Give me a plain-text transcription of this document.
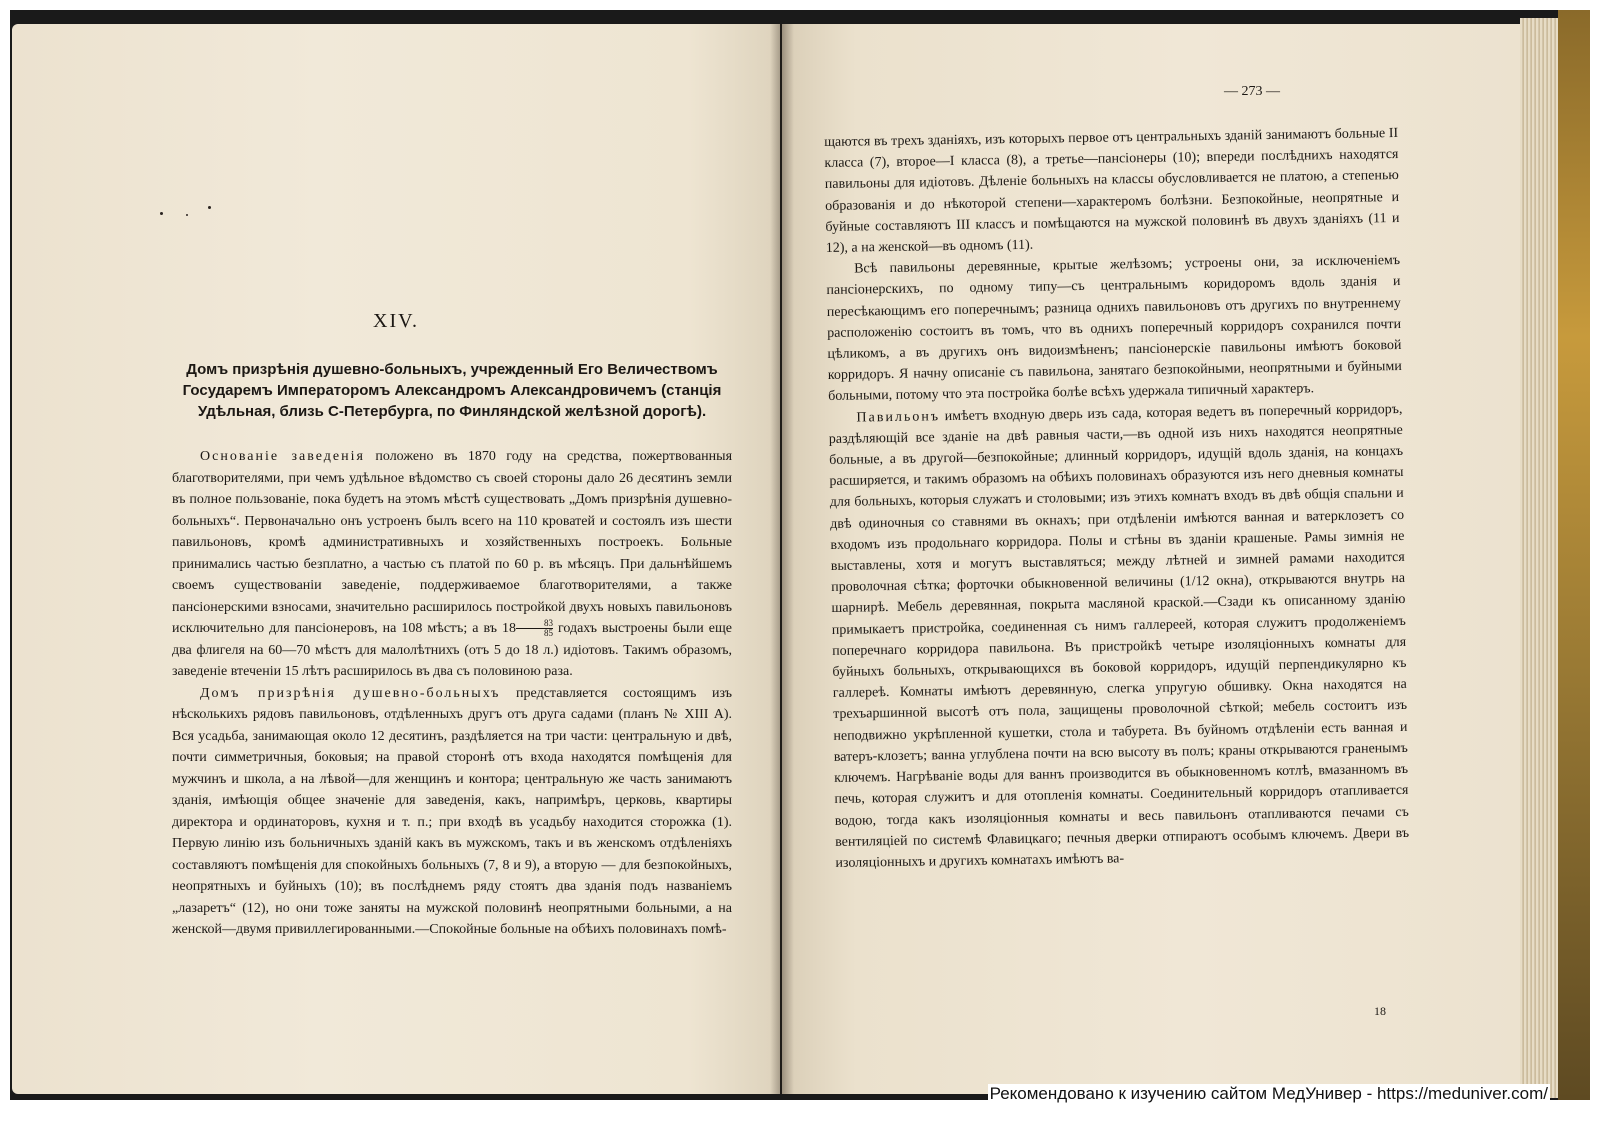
XIV.
Домъ призрѣнія душевно-больныхъ, учрежденный Его Величествомъ Государемъ Императоромъ Александромъ Александровичемъ (станція Удѣльная, близь С-Петербурга, по Финляндской желѣзной дорогѣ).

Основаніе заведенія положено въ 1870 году на средства, пожертвованныя благотворителями, при чемъ удѣльное вѣдомство съ своей стороны дало 26 десятинъ земли въ полное пользованіе, пока будетъ на этомъ мѣстѣ существовать „Домъ призрѣнія душевно-больныхъ“. Первоначально онъ устроенъ былъ всего на 110 кроватей и состоялъ изъ шести павильоновъ, кромѣ административныхъ и хозяйственныхъ построекъ. Больные принимались частью безплатно, а частью съ платой по 60 р. въ мѣсяцъ. При дальнѣйшемъ своемъ существованіи заведеніе, поддерживаемое благотворителями, а также пансіонерскими взносами, значительно расширилось постройкой двухъ новыхъ павильоновъ исключительно для пансіонеровъ, на 108 мѣстъ; а въ $18 \frac{83}{85}$ годахъ выстроены были еще два флигеля на 60—70 мѣстъ для малолѣтнихъ (отъ 5 до 18 л.) идіотовъ. Такимъ образомъ, заведеніе втеченіи 15 лѣтъ расширилось въ два съ половиною раза.

Домъ призрѣнія душевно-больныхъ представляется состоящимъ изъ нѣсколькихъ рядовъ павильоновъ, отдѣленныхъ другъ отъ друга садами (планъ № XIII А). Вся усадьба, занимающая около 12 десятинъ, раздѣляется на три части: центральную и двѣ, почти симметричныя, боковыя; на правой сторонѣ отъ входа находятся помѣщенія для мужчинъ и школа, а на лѣвой—для женщинъ и контора; центральную же часть занимаютъ зданія, имѣющія общее значеніе для заведенія, какъ, напримѣръ, церковь, квартиры директора и ординаторовъ, кухня и т. п.; при входѣ въ усадьбу находится сторожка (1). Первую линію изъ больничныхъ зданій какъ въ мужскомъ, такъ и въ женскомъ отдѣленіяхъ составляютъ помѣщенія для спокойныхъ больныхъ (7, 8 и 9), а вторую — для безпокойныхъ, неопрятныхъ и буйныхъ (10); въ послѣднемъ ряду стоятъ два зданія подъ названіемъ „лазаретъ“ (12), но они тоже заняты на мужской половинѣ неопрятными больными, а на женской—двумя привиллегированными.—Спокойные больные на обѣихъ половинахъ помѣ-

— 273 —

щаются въ трехъ зданіяхъ, изъ которыхъ первое отъ центральныхъ зданій занимаютъ больные II класса (7), второе—I класса (8), а третье—пансіонеры (10); впереди послѣднихъ находятся павильоны для идіотовъ. Дѣленіе больныхъ на классы обусловливается не платою, а степенью образованія и до нѣкоторой степени—характеромъ болѣзни. Безпокойные, неопрятные и буйные составляютъ III классъ и помѣщаются на мужской половинѣ въ двухъ зданіяхъ (11 и 12), а на женской—въ одномъ (11).

Всѣ павильоны деревянные, крытые желѣзомъ; устроены они, за исключеніемъ пансіонерскихъ, по одному типу—съ центральнымъ коридоромъ вдоль зданія и пересѣкающимъ его поперечнымъ; разница однихъ павильоновъ отъ другихъ по внутреннему расположенію состоитъ въ томъ, что въ однихъ поперечный корридоръ сохранился почти цѣликомъ, а въ другихъ онъ видоизмѣненъ; пансіонерскіе павильоны имѣютъ боковой корридоръ. Я начну описаніе съ павильона, занятаго безпокойными, неопрятными и буйными больными, потому что эта постройка болѣе всѣхъ удержала типичный характеръ.

Павильонъ имѣетъ входную дверь изъ сада, которая ведетъ въ поперечный корридоръ, раздѣляющій все зданіе на двѣ равныя части,—въ одной изъ нихъ находятся неопрятные больные, а въ другой—безпокойные; длинный корридоръ, идущій вдоль зданія, на концахъ расширяется, и такимъ образомъ на обѣихъ половинахъ образуются изъ него дневныя комнаты для больныхъ, которыя служатъ и столовыми; изъ этихъ комнатъ входъ въ двѣ общія спальни и двѣ одиночныя со ставнями въ окнахъ; при отдѣленіи имѣются ванная и ватерклозетъ со входомъ изъ продольнаго корридора. Полы и стѣны въ зданіи крашеные. Рамы зимнія не выставлены, хотя и могутъ выставляться; между лѣтней и зимней рамами находится проволочная сѣтка; форточки обыкновенной величины (1/12 окна), открываются внутрь на шарнирѣ. Мебель деревянная, покрыта масляной краской.—Сзади къ описанному зданію примыкаетъ пристройка, соединенная съ нимъ галлереей, которая служитъ продолженіемъ поперечнаго корридора павильона. Въ пристройкѣ четыре изоляціонныхъ комнаты для буйныхъ больныхъ, открывающихся въ боковой корридоръ, идущій перпендикулярно къ галлереѣ. Комнаты имѣютъ деревянную, слегка упругую обшивку. Окна находятся на трехъаршинной высотѣ отъ пола, защищены проволочной сѣткой; мебель состоитъ изъ неподвижно укрѣпленной кушетки, стола и табурета. Въ буйномъ отдѣленіи есть ванная и ватеръ-клозетъ; ванна углублена почти на всю высоту въ полъ; краны открываются граненымъ ключемъ. Нагрѣваніе воды для ваннъ производится въ обыкновенномъ котлѣ, вмазанномъ въ печь, которая служитъ и для отопленія комнаты. Соединительный корридоръ отапливается водою, тогда какъ изоляціонныя комнаты и весь павильонъ отапливаются печами съ вентиляціей по системѣ Флавицкаго; печныя дверки отпираютъ особымъ ключемъ. Двери въ изоляціонныхъ и другихъ комнатахъ имѣютъ ва-

18
Рекомендовано к изучению сайтом МедУнивер - https://meduniver.com/
